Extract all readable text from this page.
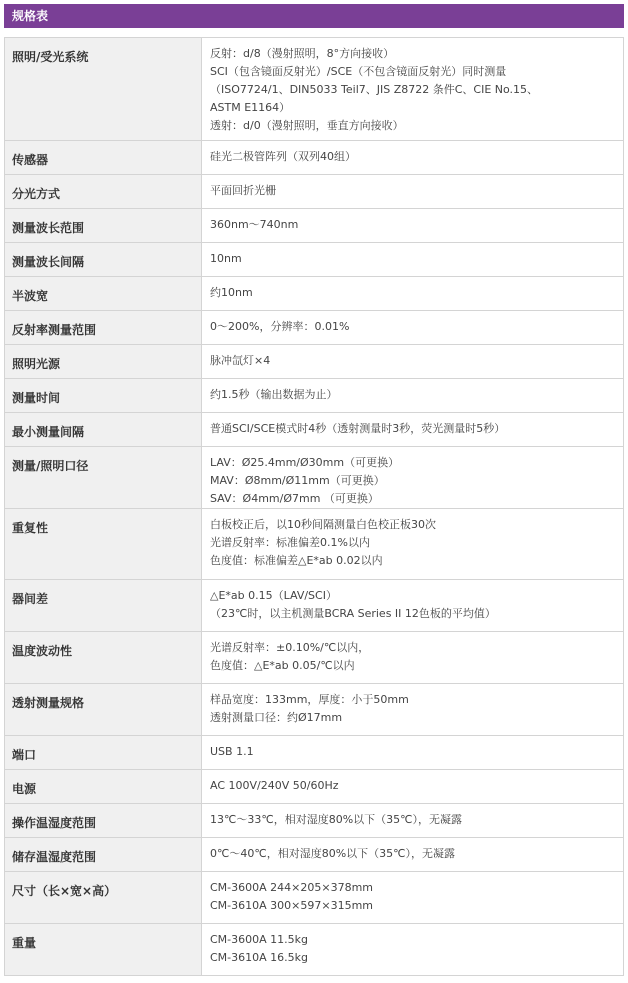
规格表
照明/受光系统	反射：d/8（漫射照明，8°方向接收）
SCI（包含镜面反射光）/SCE（不包含镜面反射光）同时测量
（ISO7724/1、DIN5033 Teil7、JIS Z8722 条件C、CIE No.15、
ASTM E1164）
透射：d/0（漫射照明，垂直方向接收）

传感器	硅光二极管阵列（双列40组）

分光方式	平面回折光栅

测量波长范围	360nm～740nm

测量波长间隔	10nm

半波宽	约10nm

反射率测量范围	0～200%，分辨率：0.01%

照明光源	脉冲氙灯×4

测量时间	约1.5秒（输出数据为止）

最小测量间隔	普通SCI/SCE模式时4秒（透射测量时3秒，荧光测量时5秒）

测量/照明口径	LAV：Ø25.4mm/Ø30mm（可更换）
MAV：Ø8mm/Ø11mm（可更换）
SAV：Ø4mm/Ø7mm （可更换）

重复性	白板校正后，以10秒间隔测量白色校正板30次
光谱反射率：标准偏差0.1%以内
色度值：标准偏差△E*ab 0.02以内

器间差	△E*ab 0.15（LAV/SCI）
（23℃时，以主机测量BCRA Series II 12色板的平均值）

温度波动性	光谱反射率：±0.10%/℃以内，
色度值：△E*ab 0.05/℃以内

透射测量规格	样品宽度：133mm，厚度：小于50mm
透射测量口径：约Ø17mm

端口	USB 1.1

电源	AC 100V/240V 50/60Hz

操作温湿度范围	13℃～33℃，相对湿度80%以下（35℃），无凝露

储存温湿度范围	0℃～40℃，相对湿度80%以下（35℃），无凝露

尺寸（长×宽×高）	CM-3600A 244×205×378mm
CM-3610A 300×597×315mm

重量	CM-3600A 11.5kg
CM-3610A 16.5kg
